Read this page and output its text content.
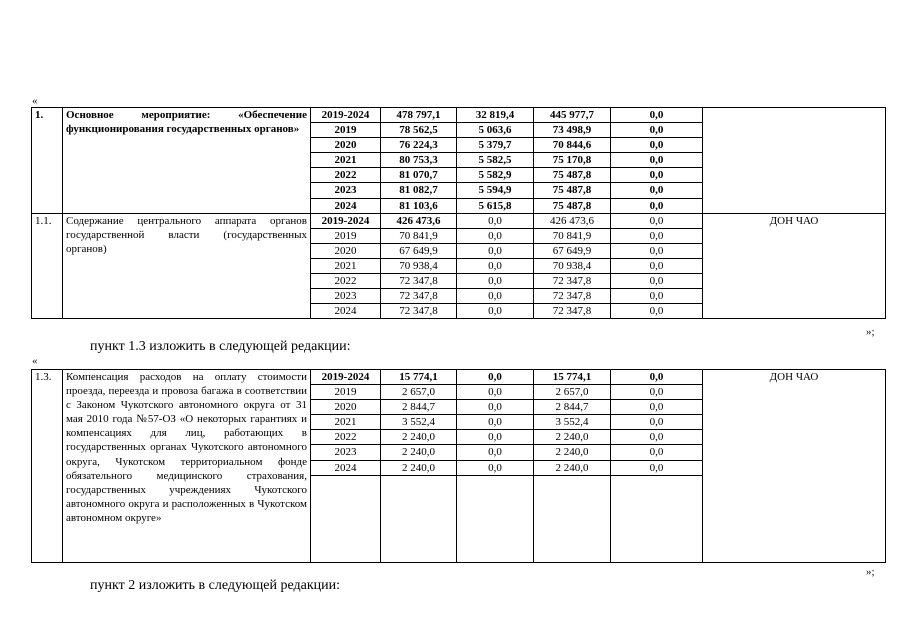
«
1.	Основное мероприятие: «Обеспечение функционирования государственных органов»	2019-2024	478 797,1	32 819,4	445 977,7	0,0	
		2019	78 562,5	5 063,6	73 498,9	0,0	
		2020	76 224,3	5 379,7	70 844,6	0,0	
		2021	80 753,3	5 582,5	75 170,8	0,0	
		2022	81 070,7	5 582,9	75 487,8	0,0	
		2023	81 082,7	5 594,9	75 487,8	0,0	
		2024	81 103,6	5 615,8	75 487,8	0,0	
1.1.	Содержание центрального аппарата органов государственной власти (государственных органов)	2019-2024	426 473,6	0,0	426 473,6	0,0	ДОН ЧАО
		2019	70 841,9	0,0	70 841,9	0,0	
		2020	67 649,9	0,0	67 649,9	0,0	
		2021	70 938,4	0,0	70 938,4	0,0	
		2022	72 347,8	0,0	72 347,8	0,0	
		2023	72 347,8	0,0	72 347,8	0,0	
		2024	72 347,8	0,0	72 347,8	0,0	
»;
пункт 1.3 изложить в следующей редакции:
«
1.3.	Компенсация расходов на оплату стоимости проезда, переезда и провоза багажа в соответствии с Законом Чукотского автономного округа от 31 мая 2010 года №57-ОЗ «О некоторых гарантиях и компенсациях для лиц, работающих в государственных органах Чукотского автономного округа, Чукотском территориальном фонде обязательного медицинского страхования, государственных учреждениях Чукотского автономного округа и расположенных в Чукотском автономном округе»	2019-2024	15 774,1	0,0	15 774,1	0,0	ДОН ЧАО
		2019	2 657,0	0,0	2 657,0	0,0	
		2020	2 844,7	0,0	2 844,7	0,0	
		2021	3 552,4	0,0	3 552,4	0,0	
		2022	2 240,0	0,0	2 240,0	0,0	
		2023	2 240,0	0,0	2 240,0	0,0	
		2024	2 240,0	0,0	2 240,0	0,0	

»;
пункт 2 изложить в следующей редакции:
